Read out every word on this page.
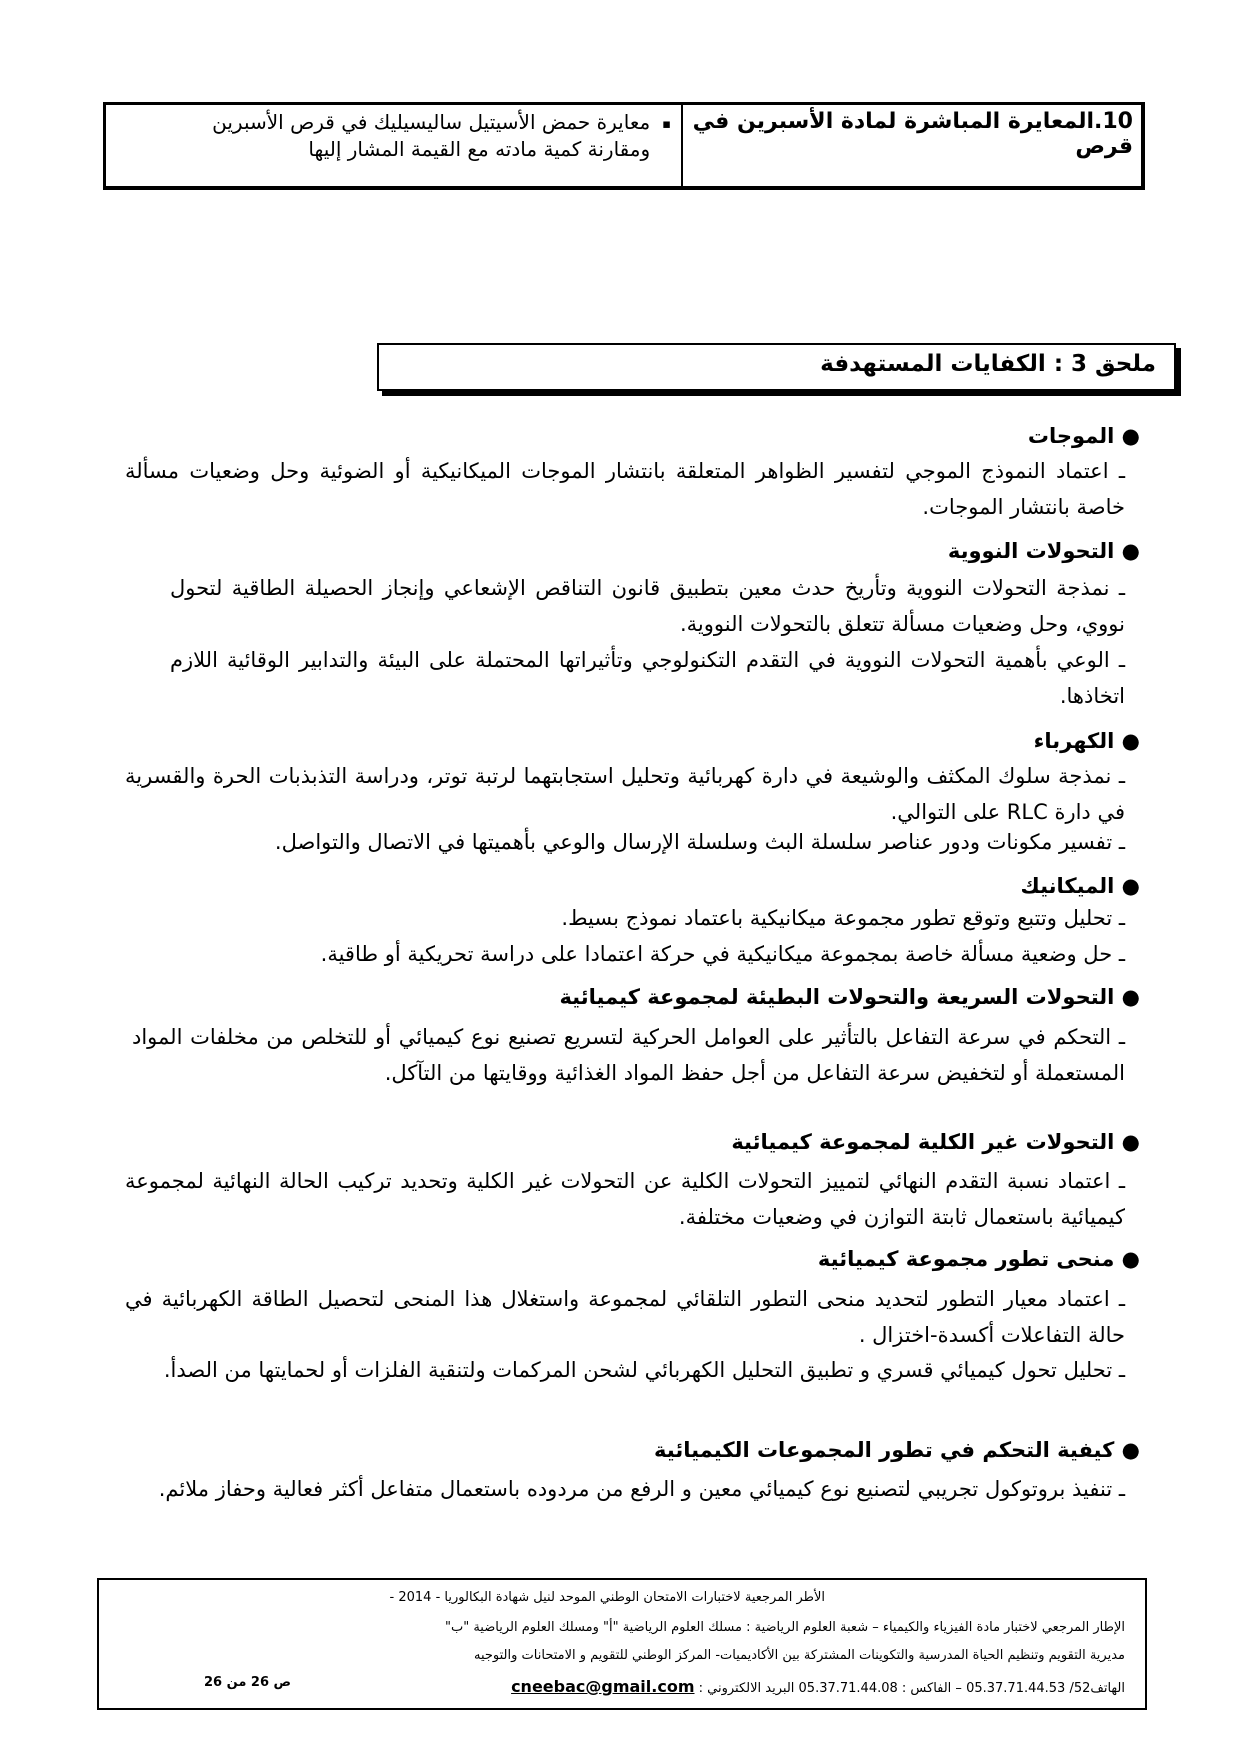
10.المعايرة المباشرة لمادة الأسبرين في قرص
▪
معايرة حمض الأسيتيل ساليسيليك في قرص الأسبرين ومقارنة كمية مادته مع القيمة المشار إليها
ملحق 3 : الكفايات المستهدفة
● الموجات
ـ اعتماد النموذج الموجي لتفسير الظواهر المتعلقة بانتشار الموجات الميكانيكية أو الضوئية وحل وضعيات مسألة خاصة بانتشار الموجات.
● التحولات النووية
ـ نمذجة التحولات النووية وتأريخ حدث معين بتطبيق قانون التناقص الإشعاعي وإنجاز الحصيلة الطاقية لتحول نووي، وحل وضعيات مسألة تتعلق بالتحولات النووية.
ـ الوعي بأهمية التحولات النووية في التقدم التكنولوجي وتأثيراتها المحتملة على البيئة والتدابير الوقائية اللازم اتخاذها.
● الكهرباء
ـ نمذجة سلوك المكثف والوشيعة في دارة كهربائية وتحليل استجابتهما لرتبة توتر، ودراسة التذبذبات الحرة والقسرية في دارة RLC على التوالي.
ـ تفسير مكونات ودور عناصر سلسلة البث وسلسلة الإرسال والوعي بأهميتها في الاتصال والتواصل.
● الميكانيك
ـ تحليل وتتبع وتوقع تطور مجموعة ميكانيكية باعتماد نموذج بسيط.
ـ حل وضعية مسألة خاصة بمجموعة ميكانيكية في حركة اعتمادا على دراسة تحريكية أو طاقية.
● التحولات السريعة والتحولات البطيئة لمجموعة كيميائية
ـ التحكم في سرعة التفاعل بالتأثير على العوامل الحركية لتسريع تصنيع نوع كيميائي أو للتخلص من مخلفات المواد المستعملة أو لتخفيض سرعة التفاعل من أجل حفظ المواد الغذائية ووقايتها من التآكل.
● التحولات غير الكلية لمجموعة كيميائية
ـ اعتماد نسبة التقدم النهائي لتمييز التحولات الكلية عن التحولات غير الكلية وتحديد تركيب الحالة النهائية لمجموعة كيميائية باستعمال ثابتة التوازن في وضعيات مختلفة.
● منحى تطور مجموعة كيميائية
ـ اعتماد معيار التطور لتحديد منحى التطور التلقائي لمجموعة واستغلال هذا المنحى لتحصيل الطاقة الكهربائية في حالة التفاعلات أكسدة-اختزال .
ـ تحليل تحول كيميائي قسري و تطبيق التحليل الكهربائي لشحن المركمات ولتنقية الفلزات أو لحمايتها من الصدأ.
● كيفية التحكم في تطور المجموعات الكيميائية
ـ تنفيذ بروتوكول تجريبي لتصنيع نوع كيميائي معين و الرفع من مردوده باستعمال متفاعل أكثر فعالية وحفاز ملائم.
الأطر المرجعية لاختبارات الامتحان الوطني الموحد لنيل شهادة البكالوريا - 2014 -
الإطار المرجعي لاختبار مادة الفيزياء والكيمياء – شعبة العلوم الرياضية : مسلك العلوم الرياضية "أ" ومسلك العلوم الرياضية "ب"
مديرية التقويم وتنظيم الحياة المدرسية والتكوينات المشتركة بين الأكاديميات- المركز الوطني للتقويم و الامتحانات والتوجيه
الهاتف52/ 05.37.71.44.53 – الفاكس : 05.37.71.44.08 البريد الالكتروني : cneebac@gmail.com
ص 26 من 26
